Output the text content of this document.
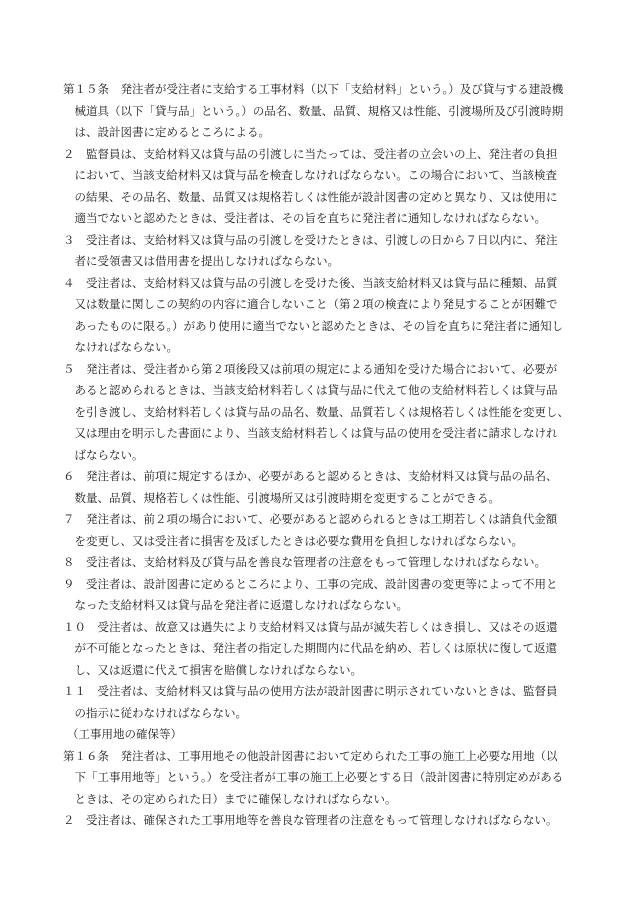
第１５条　発注者が受注者に支給する工事材料（以下「支給材料」という。）及び貸与する建設機
械道具（以下「貸与品」という。）の品名、数量、品質、規格又は性能、引渡場所及び引渡時期
は、設計図書に定めるところによる。
２　監督員は、支給材料又は貸与品の引渡しに当たっては、受注者の立会いの上、発注者の負担
において、当該支給材料又は貸与品を検査しなければならない。この場合において、当該検査
の結果、その品名、数量、品質又は規格若しくは性能が設計図書の定めと異なり、又は使用に
適当でないと認めたときは、受注者は、その旨を直ちに発注者に通知しなければならない。
３　受注者は、支給材料又は貸与品の引渡しを受けたときは、引渡しの日から７日以内に、発注
者に受領書又は借用書を提出しなければならない。
４　受注者は、支給材料又は貸与品の引渡しを受けた後、当該支給材料又は貸与品に種類、品質
又は数量に関しこの契約の内容に適合しないこと（第２項の検査により発見することが困難で
あったものに限る。）があり使用に適当でないと認めたときは、その旨を直ちに発注者に通知し
なければならない。
５　発注者は、受注者から第２項後段又は前項の規定による通知を受けた場合において、必要が
あると認められるときは、当該支給材料若しくは貸与品に代えて他の支給材料若しくは貸与品
を引き渡し、支給材料若しくは貸与品の品名、数量、品質若しくは規格若しくは性能を変更し、
又は理由を明示した書面により、当該支給材料若しくは貸与品の使用を受注者に請求しなけれ
ばならない。
６　発注者は、前項に規定するほか、必要があると認めるときは、支給材料又は貸与品の品名、
数量、品質、規格若しくは性能、引渡場所又は引渡時期を変更することができる。
７　発注者は、前２項の場合において、必要があると認められるときは工期若しくは請負代金額
を変更し、又は受注者に損害を及ぼしたときは必要な費用を負担しなければならない。
８　受注者は、支給材料及び貸与品を善良な管理者の注意をもって管理しなければならない。
９　受注者は、設計図書に定めるところにより、工事の完成、設計図書の変更等によって不用と
なった支給材料又は貸与品を発注者に返還しなければならない。
１０　受注者は、故意又は過失により支給材料又は貸与品が滅失若しくはき損し、又はその返還
が不可能となったときは、発注者の指定した期間内に代品を納め、若しくは原状に復して返還
し、又は返還に代えて損害を賠償しなければならない。
１１　受注者は、支給材料又は貸与品の使用方法が設計図書に明示されていないときは、監督員
の指示に従わなければならない。
（工事用地の確保等）
第１６条　発注者は、工事用地その他設計図書において定められた工事の施工上必要な用地（以
下「工事用地等」という。）を受注者が工事の施工上必要とする日（設計図書に特別定めがある
ときは、その定められた日）までに確保しなければならない。
２　受注者は、確保された工事用地等を善良な管理者の注意をもって管理しなければならない。
